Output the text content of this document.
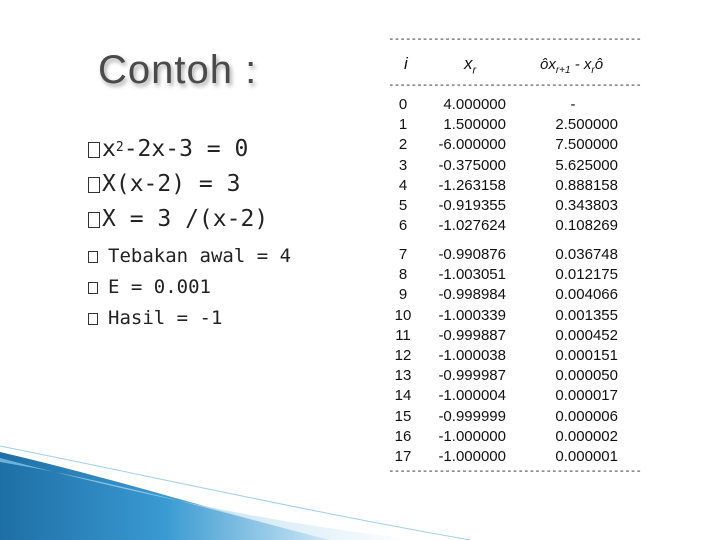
Contoh :
$x^2$ -2x-3 = 0
X(x-2) = 3
X = 3 /(x-2)
Tebakan awal = 4
E = 0.001
Hasil = -1
---------------------------------------------
i	$x_r$	$ôx_{r+1}$ - $x_rô$
---------------------------------------------
0	4.000000	-
1	1.500000	2.500000
2	-6.000000	7.500000
3	-0.375000	5.625000
4	-1.263158	0.888158
5	-0.919355	0.343803
6	-1.027624	0.108269
7	-0.990876	0.036748
8	-1.003051	0.012175
9	-0.998984	0.004066
10	-1.000339	0.001355
11	-0.999887	0.000452
12	-1.000038	0.000151
13	-0.999987	0.000050
14	-1.000004	0.000017
15	-0.999999	0.000006
16	-1.000000	0.000002
17	-1.000000	0.000001
---------------------------------------------
